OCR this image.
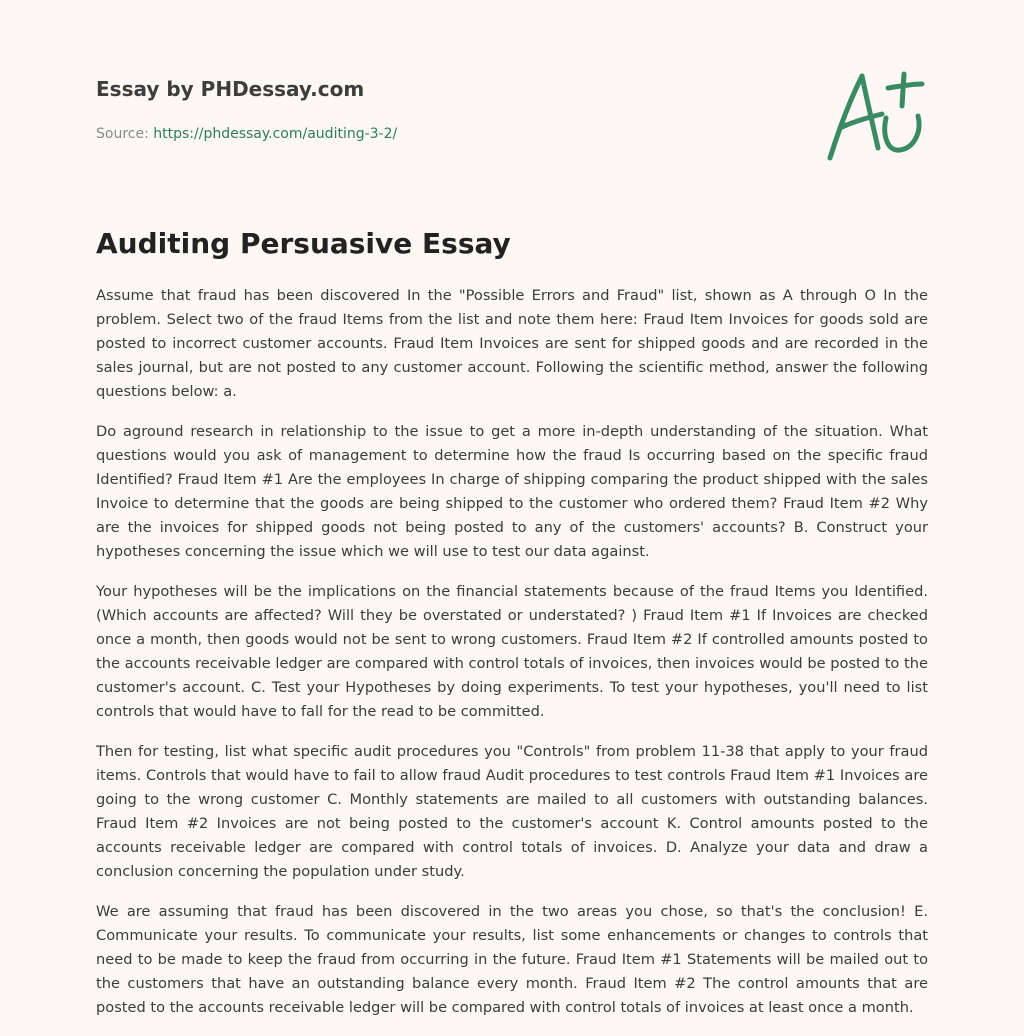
Essay by PHDessay.com
Source: https://phdessay.com/auditing-3-2/
Auditing Persuasive Essay

Assume that fraud has been discovered In the "Possible Errors and Fraud" list, shown as A through O In the problem. Select two of the fraud Items from the list and note them here: Fraud Item Invoices for goods sold are posted to incorrect customer accounts. Fraud Item Invoices are sent for shipped goods and are recorded in the sales journal, but are not posted to any customer account. Following the scientific method, answer the following questions below: a.

Do aground research in relationship to the issue to get a more in-depth understanding of the situation. What questions would you ask of management to determine how the fraud Is occurring based on the specific fraud Identified? Fraud Item #1 Are the employees In charge of shipping comparing the product shipped with the sales Invoice to determine that the goods are being shipped to the customer who ordered them? Fraud Item #2 Why are the invoices for shipped goods not being posted to any of the customers' accounts? B. Construct your hypotheses concerning the issue which we will use to test our data against.

Your hypotheses will be the implications on the financial statements because of the fraud Items you Identified. (Which accounts are affected? Will they be overstated or understated? ) Fraud Item #1 If Invoices are checked once a month, then goods would not be sent to wrong customers. Fraud Item #2 If controlled amounts posted to the accounts receivable ledger are compared with control totals of invoices, then invoices would be posted to the customer's account. C. Test your Hypotheses by doing experiments. To test your hypotheses, you'll need to list controls that would have to fall for the read to be committed.

Then for testing, list what specific audit procedures you "Controls" from problem 11-38 that apply to your fraud items. Controls that would have to fail to allow fraud Audit procedures to test controls Fraud Item #1 Invoices are going to the wrong customer C. Monthly statements are mailed to all customers with outstanding balances. Fraud Item #2 Invoices are not being posted to the customer's account K. Control amounts posted to the accounts receivable ledger are compared with control totals of invoices. D. Analyze your data and draw a conclusion concerning the population under study.

We are assuming that fraud has been discovered in the two areas you chose, so that's the conclusion! E. Communicate your results. To communicate your results, list some enhancements or changes to controls that need to be made to keep the fraud from occurring in the future. Fraud Item #1 Statements will be mailed out to the customers that have an outstanding balance every month. Fraud Item #2 The control amounts that are posted to the accounts receivable ledger will be compared with control totals of invoices at least once a month.
